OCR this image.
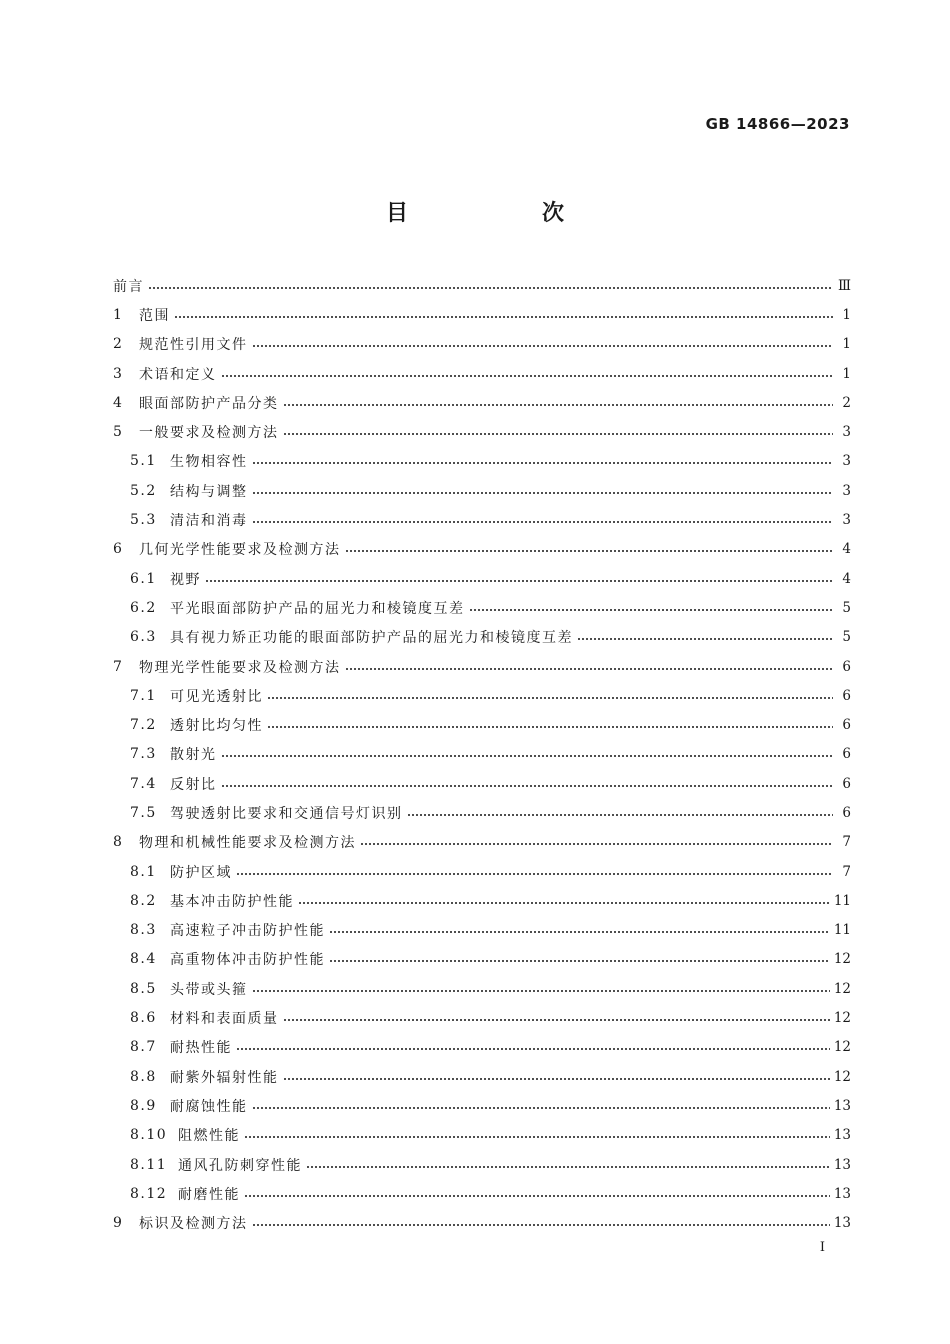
GB 14866—2023
目　次
前言	Ⅲ
1	范围	1
2	规范性引用文件	1
3	术语和定义	1
4	眼面部防护产品分类	2
5	一般要求及检测方法	3
5.1 生物相容性	3
5.2 结构与调整	3
5.3 清洁和消毒	3
6	几何光学性能要求及检测方法	4
6.1 视野	4
6.2 平光眼面部防护产品的屈光力和棱镜度互差	5
6.3 具有视力矫正功能的眼面部防护产品的屈光力和棱镜度互差	5
7	物理光学性能要求及检测方法	6
7.1 可见光透射比	6
7.2 透射比均匀性	6
7.3 散射光	6
7.4 反射比	6
7.5 驾驶透射比要求和交通信号灯识别	6
8	物理和机械性能要求及检测方法	7
8.1 防护区域	7
8.2 基本冲击防护性能	11
8.3 高速粒子冲击防护性能	11
8.4 高重物体冲击防护性能	12
8.5 头带或头箍	12
8.6 材料和表面质量	12
8.7 耐热性能	12
8.8 耐紫外辐射性能	12
8.9 耐腐蚀性能	13
8.10 阻燃性能	13
8.11 通风孔防刺穿性能	13
8.12 耐磨性能	13
9	标识及检测方法	13
I
